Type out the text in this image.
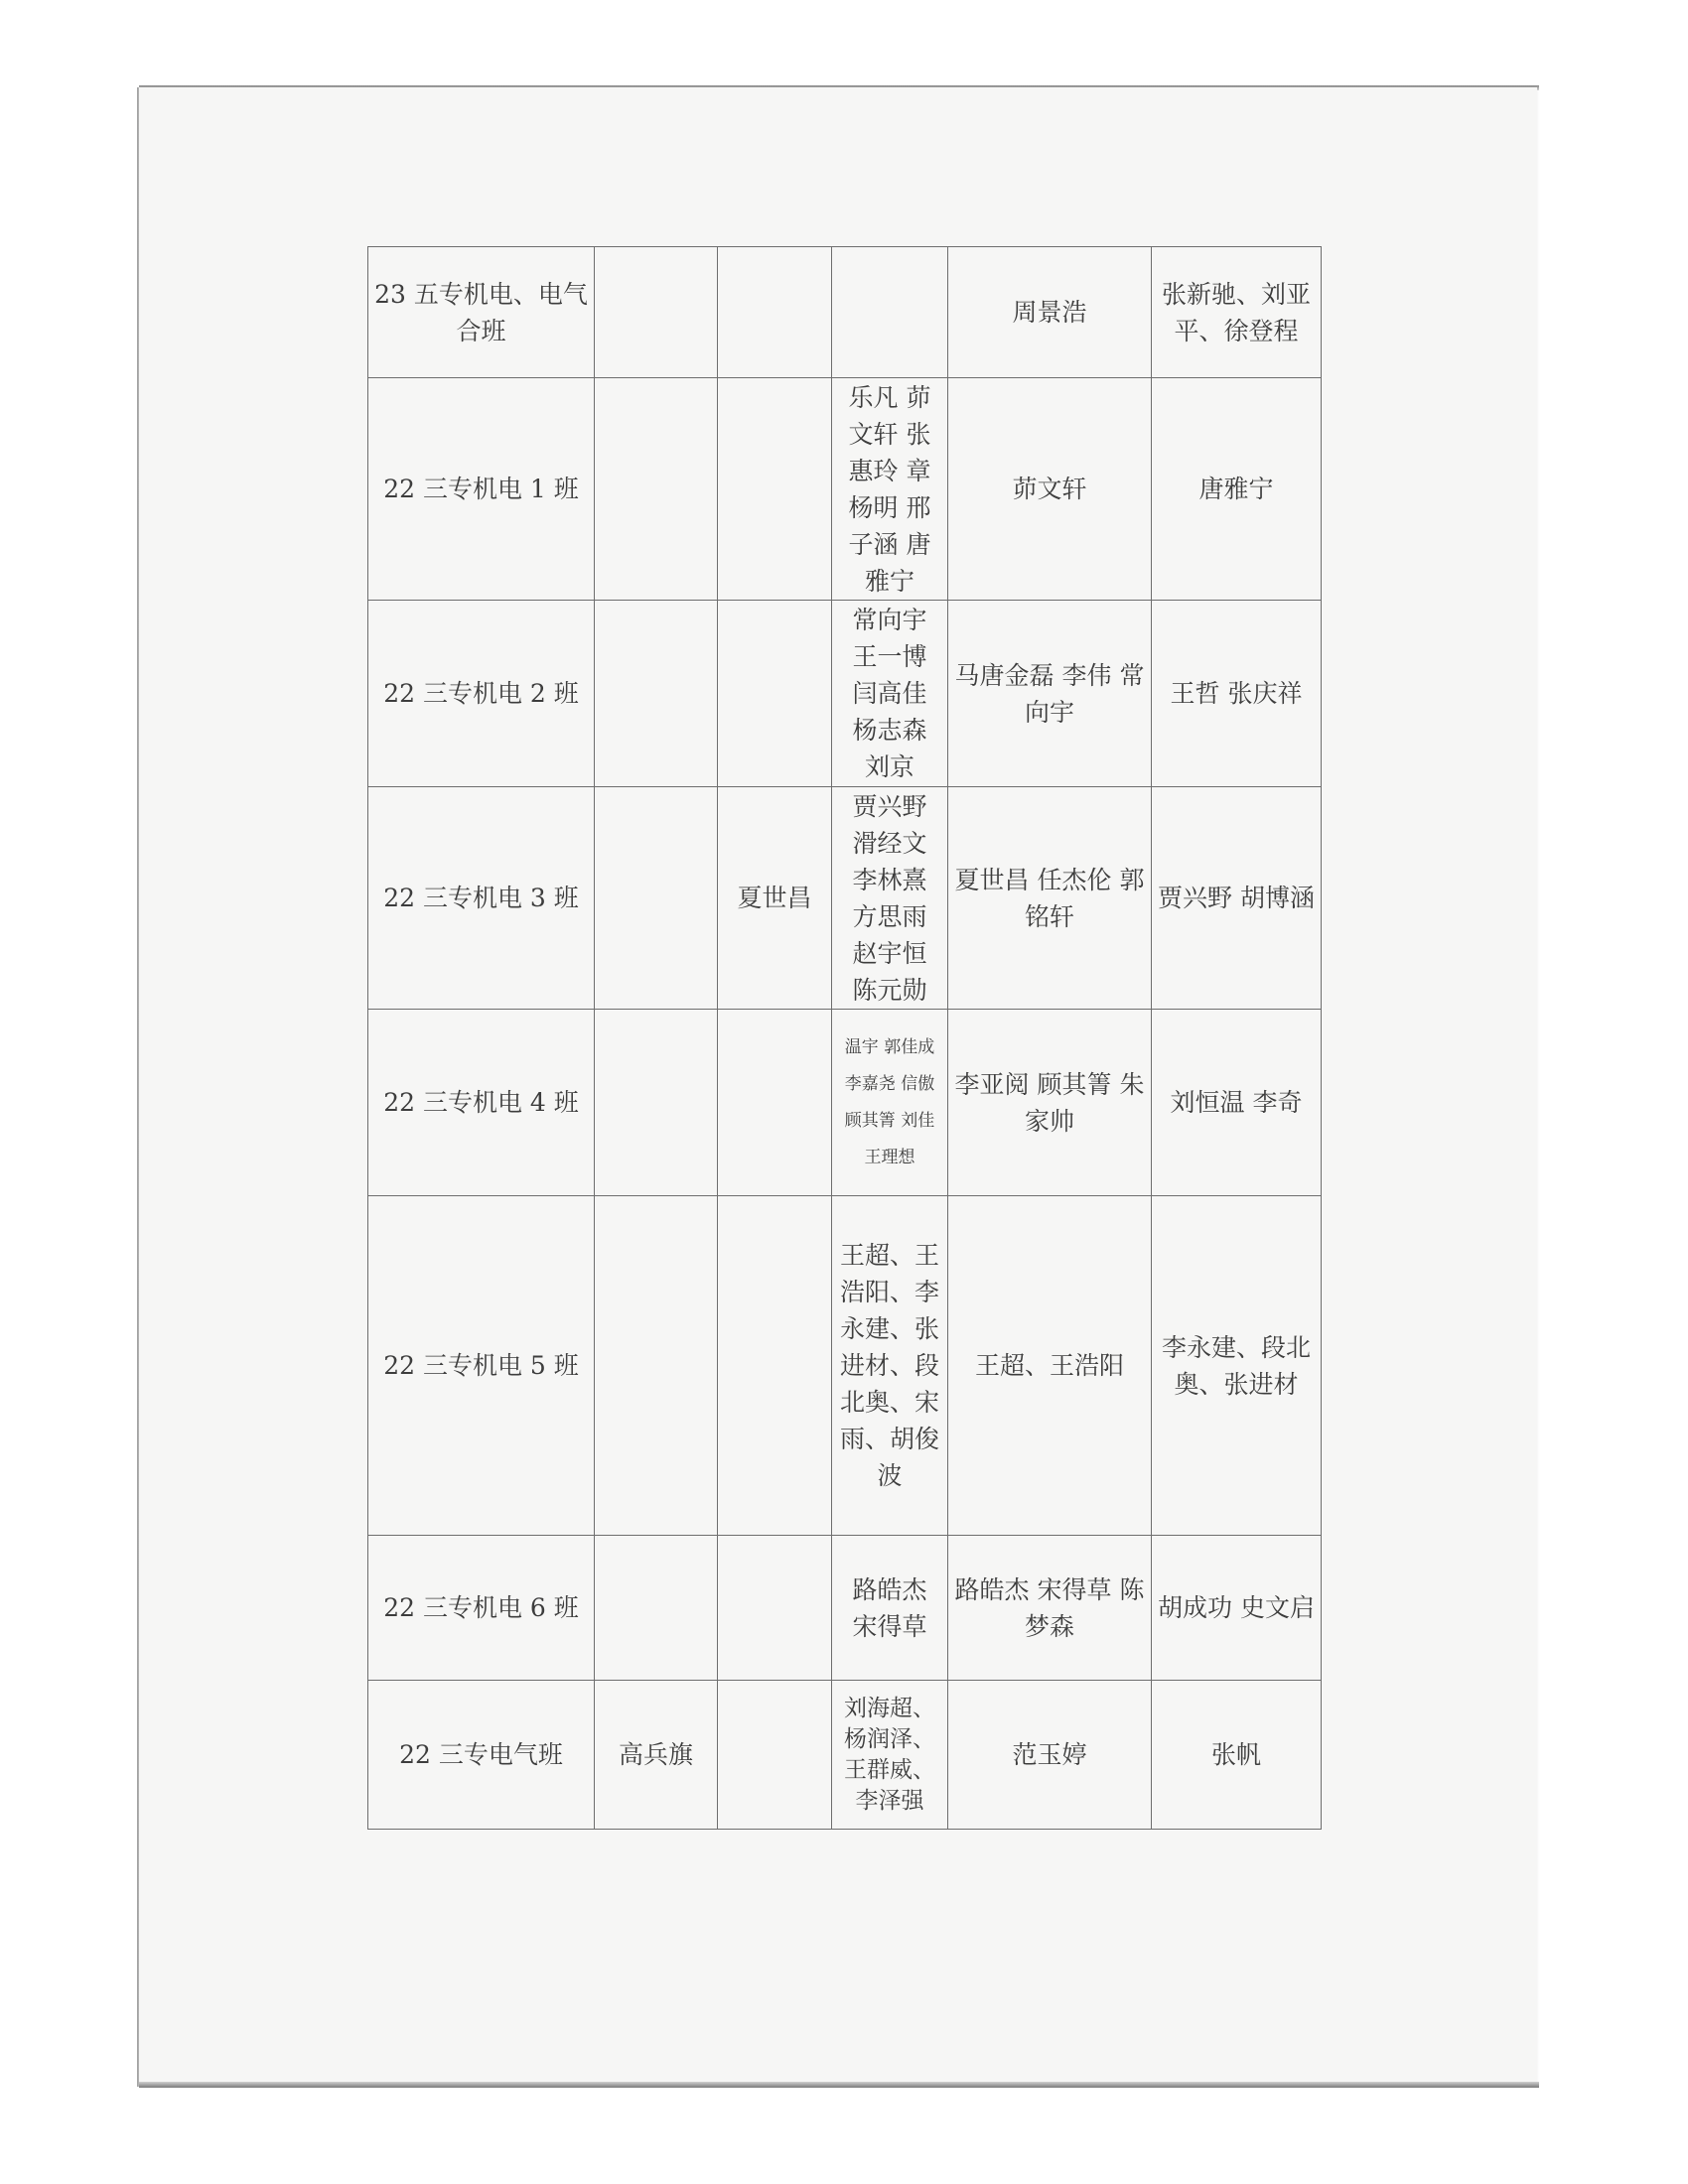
23 五专机电、电气合班				周景浩	张新驰、刘亚平、徐登程
22 三专机电 1 班			乐凡 茆文轩 张惠玲 章杨明 邢子涵 唐雅宁	茆文轩	唐雅宁
22 三专机电 2 班			常向宇 王一博 闫高佳 杨志森 刘京	马唐金磊 李伟 常向宇	王哲 张庆祥
22 三专机电 3 班		夏世昌	贾兴野 滑经文 李林熹 方思雨 赵宇恒 陈元勋	夏世昌 任杰伦 郭铭轩	贾兴野 胡博涵
22 三专机电 4 班			温宇 郭佳成 李嘉尧 信傲 顾其箐 刘佳 王理想	李亚阅 顾其箐 朱家帅	刘恒温 李奇
22 三专机电 5 班			王超、王浩阳、李永建、张进材、段北奥、宋雨、胡俊波	王超、王浩阳	李永建、段北奥、张进材
22 三专机电 6 班			路皓杰 宋得草	路皓杰 宋得草 陈梦森	胡成功 史文启
22 三专电气班	高兵旗		刘海超、杨润泽、王群威、李泽强	范玉婷	张帆
